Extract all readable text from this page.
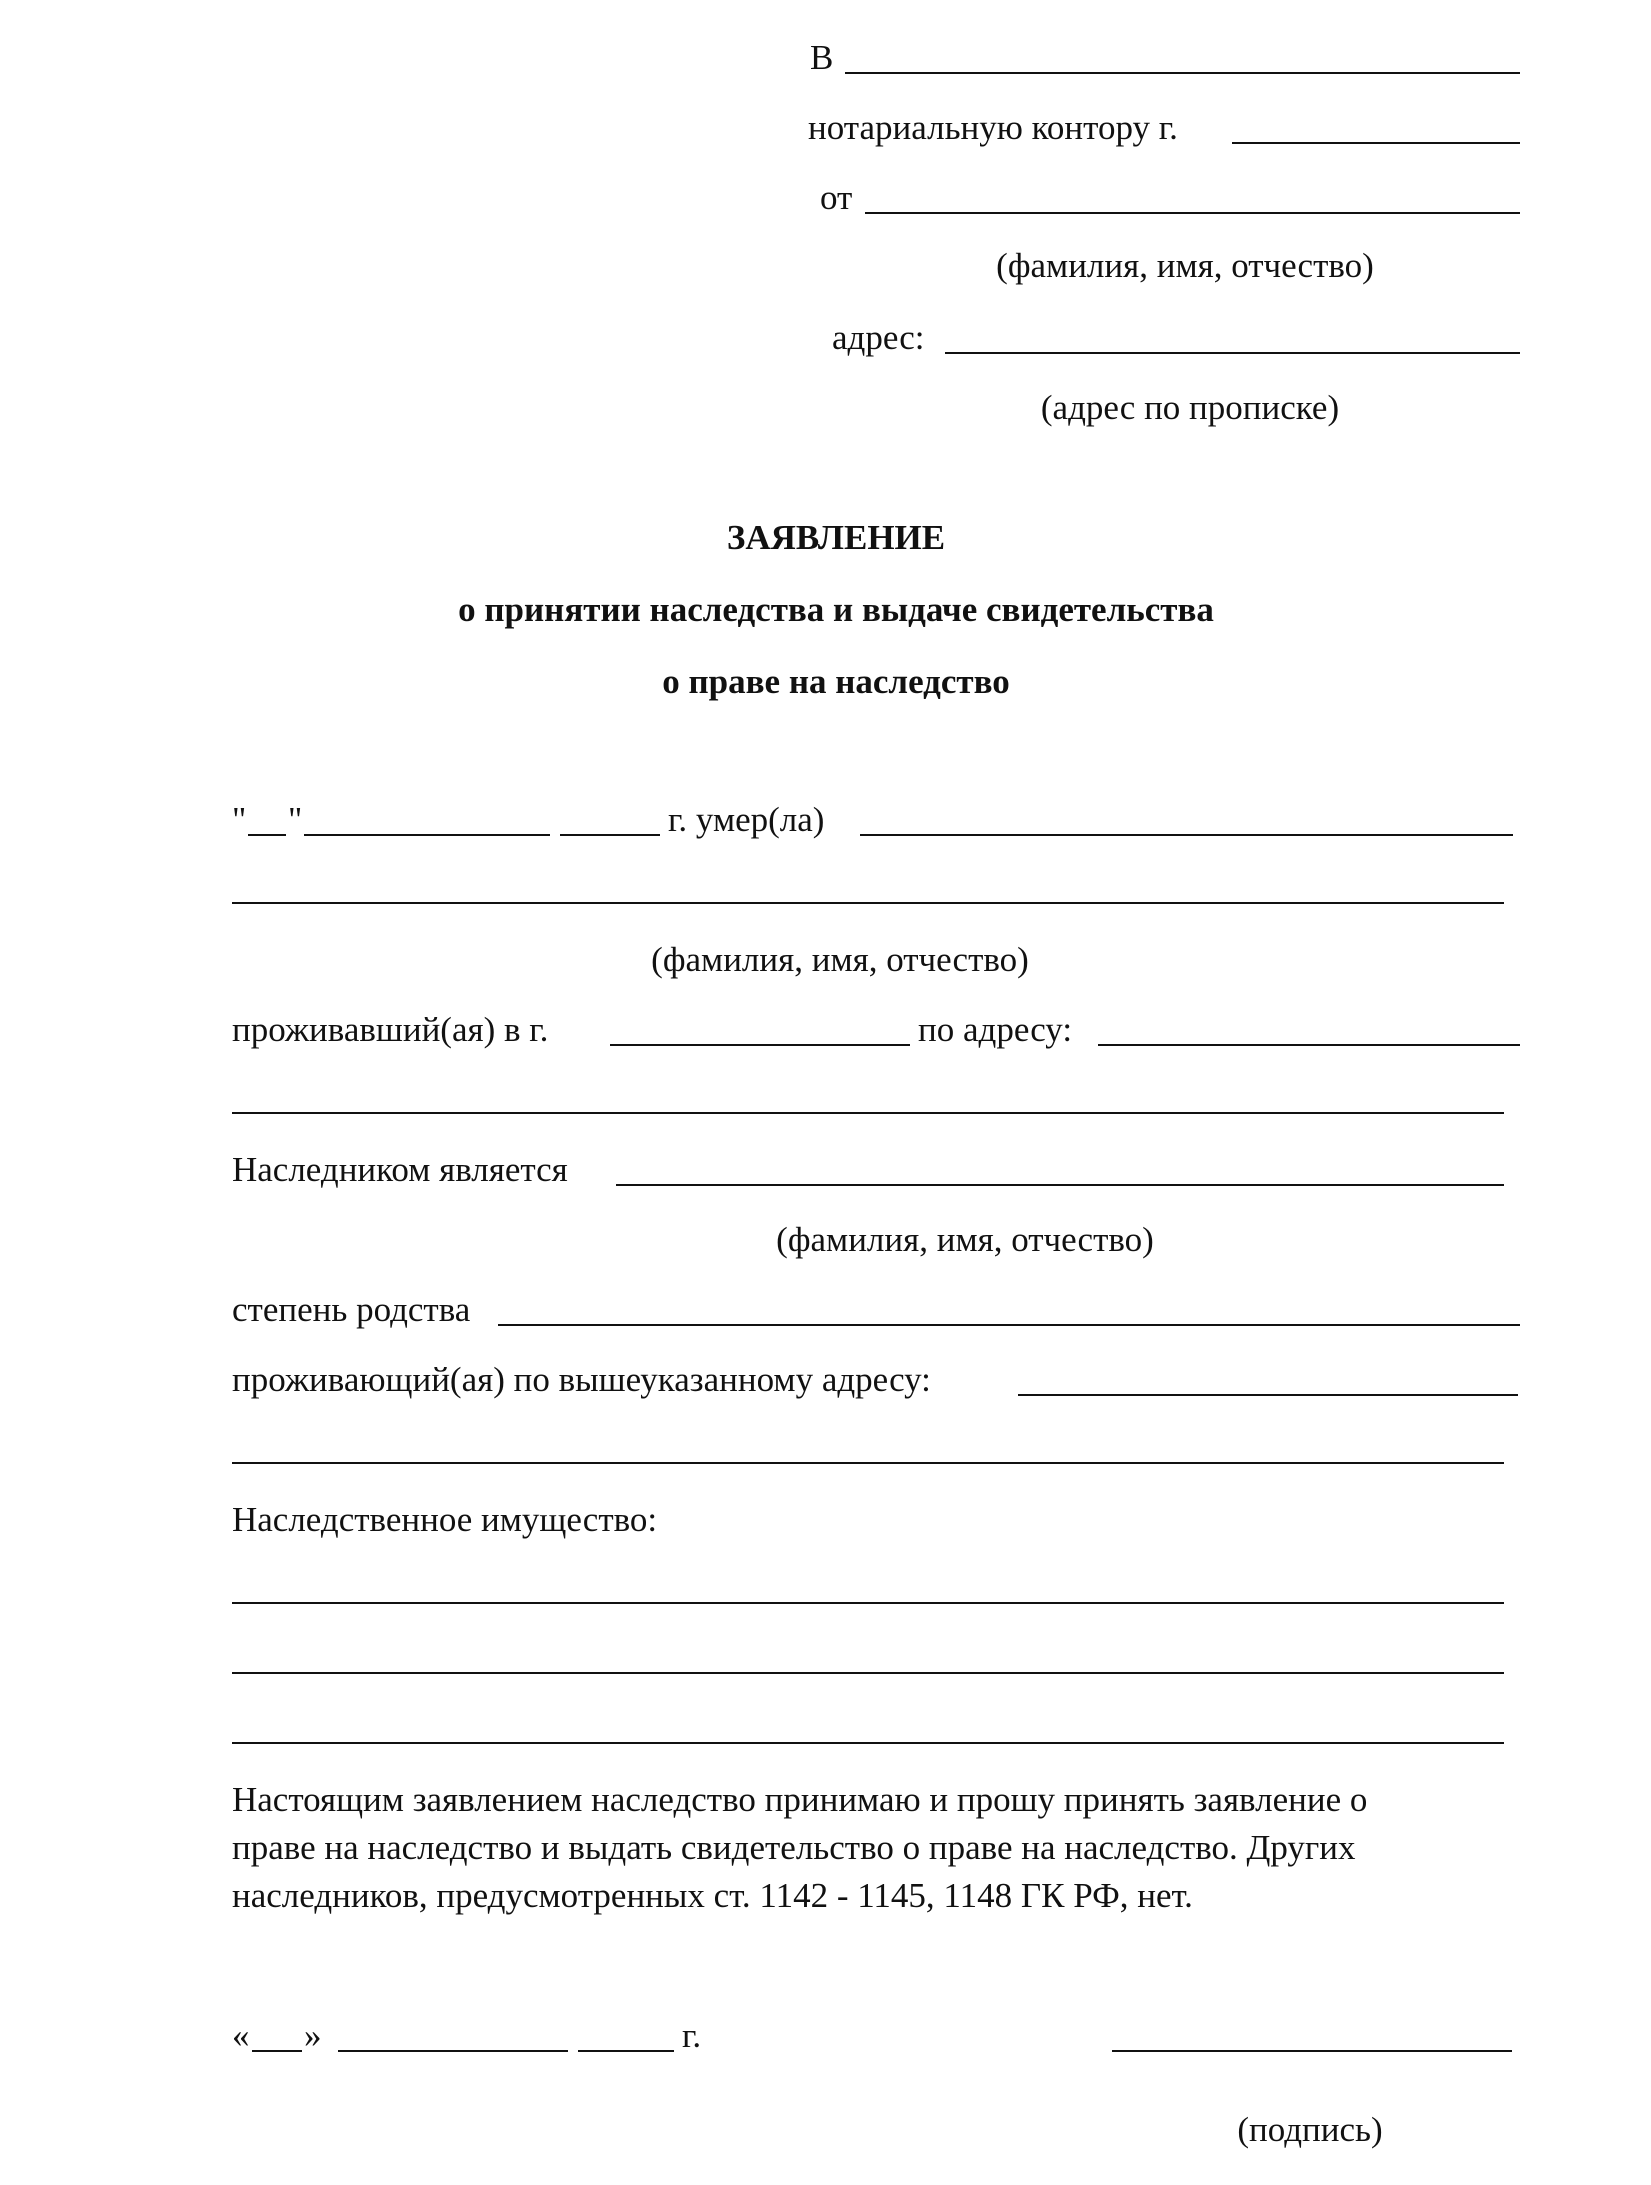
В
нотариальную контору г.
от
(фамилия, имя, отчество)
адрес:
(адрес по прописке)
ЗАЯВЛЕНИЕ
о принятии наследства и выдаче свидетельства
о праве на наследство
" "	г. умер(ла)
(фамилия, имя, отчество)
проживавший(ая) в г.	по адресу:
Наследником является
(фамилия, имя, отчество)
степень родства
проживающий(ая) по вышеуказанному адресу:
Наследственное имущество:
Настоящим заявлением наследство принимаю и прошу принять заявление о
праве на наследство и выдать свидетельство о праве на наследство. Других
наследников, предусмотренных ст. 1142 - 1145, 1148 ГК РФ, нет.
« »	г.
(подпись)
